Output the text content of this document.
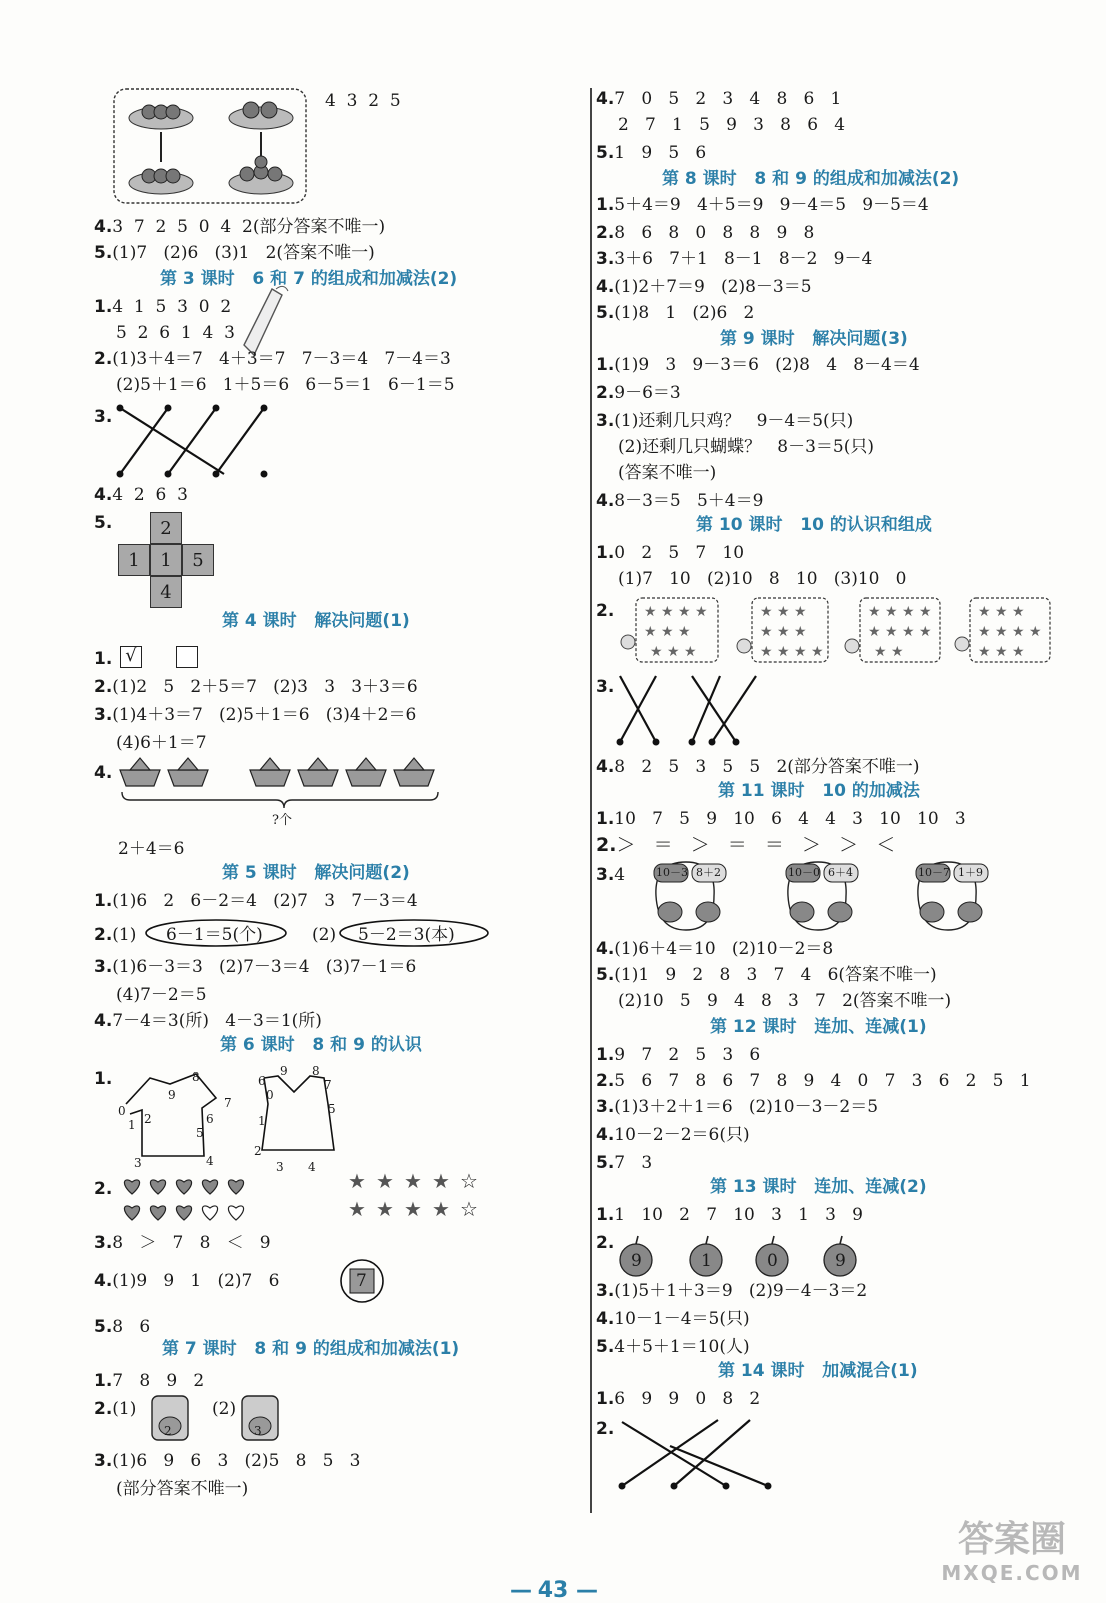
4  3  2  5
4.3  7  2  5  0  4  2(部分答案不唯一)
5.(1)7   (2)6   (3)1   2(答案不唯一)
第 3 课时   6 和 7 的组成和加减法(2)
1.4  1  5  3  0  2
5  2  6  1  4  3
2.(1)3＋4＝7   4＋3＝7   7－3＝4   7－4＝3
(2)5＋1＝6   1＋5＝6   6－5＝1   6－1＝5
3.
4.4  2  6  3
5.	2
1	1	5
4
第 4 课时   解决问题(1)
1. √
2.(1)2   5   2＋5＝7   (2)3   3   3＋3＝6
3.(1)4＋3＝7   (2)5＋1＝6   (3)4＋2＝6
(4)6＋1＝7
4.
?个
2＋4＝6
第 5 课时   解决问题(2)
1.(1)6   2   6－2＝4   (2)7   3   7－3＝4
2.(1) 6－1＝5(个)	(2) 5－2＝3(本)
3.(1)6－3＝3   (2)7－3＝4   (3)7－1＝6
(4)7－2＝5
4.7－4＝3(所)   4－3＝1(所)
第 6 课时   8 和 9 的认识
1.	8
9
7
0
2
1	6
5
3	4
6
9 8
0
7
1
2
5
3 4
2.	★ ★ ★ ★ ☆
★ ★ ★ ★ ☆
3.8   ＞   7   8   ＜   9
4.(1)9   9   1   (2)7   6	7
5.8   6
第 7 课时   8 和 9 的组成和加减法(1)
1.7   8   9   2
2.(1)
2
(2)
3
3.(1)6   9   6   3   (2)5   8   5   3
(部分答案不唯一)
4.7   0   5   2   3   4   8   6   1
2   7   1   5   9   3   8   6   4
5.1   9   5   6
第 8 课时   8 和 9 的组成和加减法(2)
1.5＋4＝9   4＋5＝9   9－4＝5   9－5＝4
2.8   6   8   0   8   8   9   8
3.3＋6   7＋1   8－1   8－2   9－4
4.(1)2＋7＝9   (2)8－3＝5
5.(1)8   1   (2)6   2
第 9 课时   解决问题(3)
1.(1)9   3   9－3＝6   (2)8   4   8－4＝4
2.9－6＝3
3.(1)还剩几只鸡？   9－4＝5(只)
(2)还剩几只蝴蝶？   8－3＝5(只)
(答案不唯一)
4.8－3＝5   5＋4＝9
第 10 课时   10 的认识和组成
1.0   2   5   7   10
(1)7   10   (2)10   8   10   (3)10   0
2. ★ ★ ★ ★
★ ★ ★
★ ★ ★
★ ★ ★
★ ★ ★
★ ★ ★ ★
★ ★ ★ ★
★ ★ ★ ★
★ ★
★ ★ ★
★ ★ ★ ★
★ ★ ★
3.
4.8   2   5   3   5   5   2(部分答案不唯一)
第 11 课时   10 的加减法
1.10   7   5   9   10   6   4   4   3   10   10   3
2.＞   ＝   ＞   ＝   ＝   ＞   ＞   ＜
3.4	10－3 8＋2	10－0 6＋4	10－7 1＋9
4.(1)6＋4＝10   (2)10－2＝8
5.(1)1   9   2   8   3   7   4   6(答案不唯一)
(2)10   5   9   4   8   3   7   2(答案不唯一)
第 12 课时   连加、连减(1)
1.9   7   2   5   3   6
2.5   6   7   8   6   7   8   9   4   0   7   3   6   2   5   1
3.(1)3＋2＋1＝6   (2)10－3－2＝5
4.10－2－2＝6(只)
5.7   3
第 13 课时   连加、连减(2)
1.1   10   2   7   10   3   1   3   9
2.
9	1	0	9
3.(1)5＋1＋3＝9   (2)9－4－3＝2
4.10－1－4＝5(只)
5.4＋5＋1＝10(人)
第 14 课时   加减混合(1)
1.6   9   9   0   8   2
2.
— 43 —
答案圈
MXQE.COM
